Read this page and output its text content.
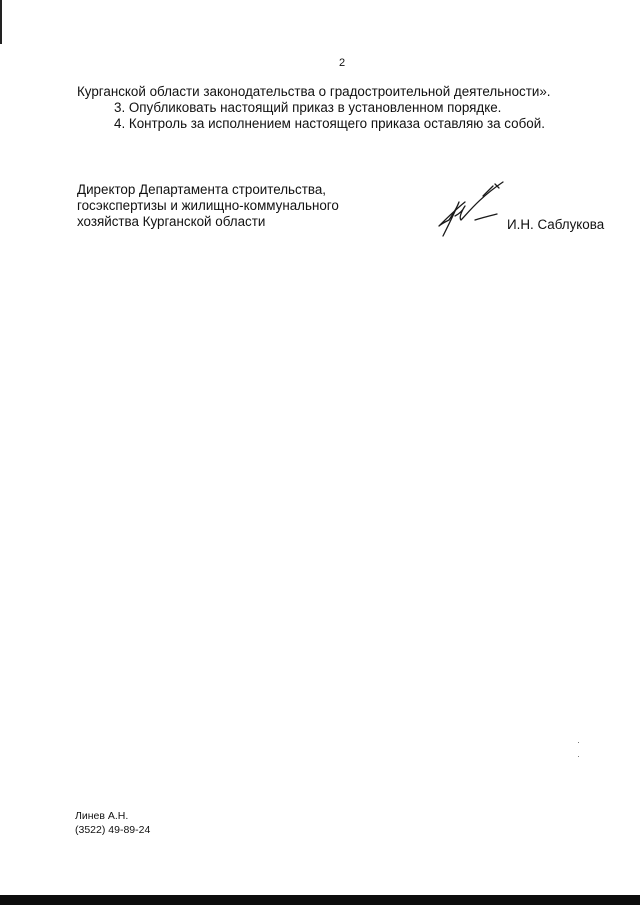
2
Курганской области законодательства о градостроительной деятельности».
3. Опубликовать настоящий приказ в установленном порядке.
4. Контроль за исполнением настоящего приказа оставляю за собой.
Директор Департамента строительства,
госэкспертизы и жилищно-коммунального
хозяйства Курганской области	И.Н. Саблукова
Линев А.Н.
(3522) 49-89-24
